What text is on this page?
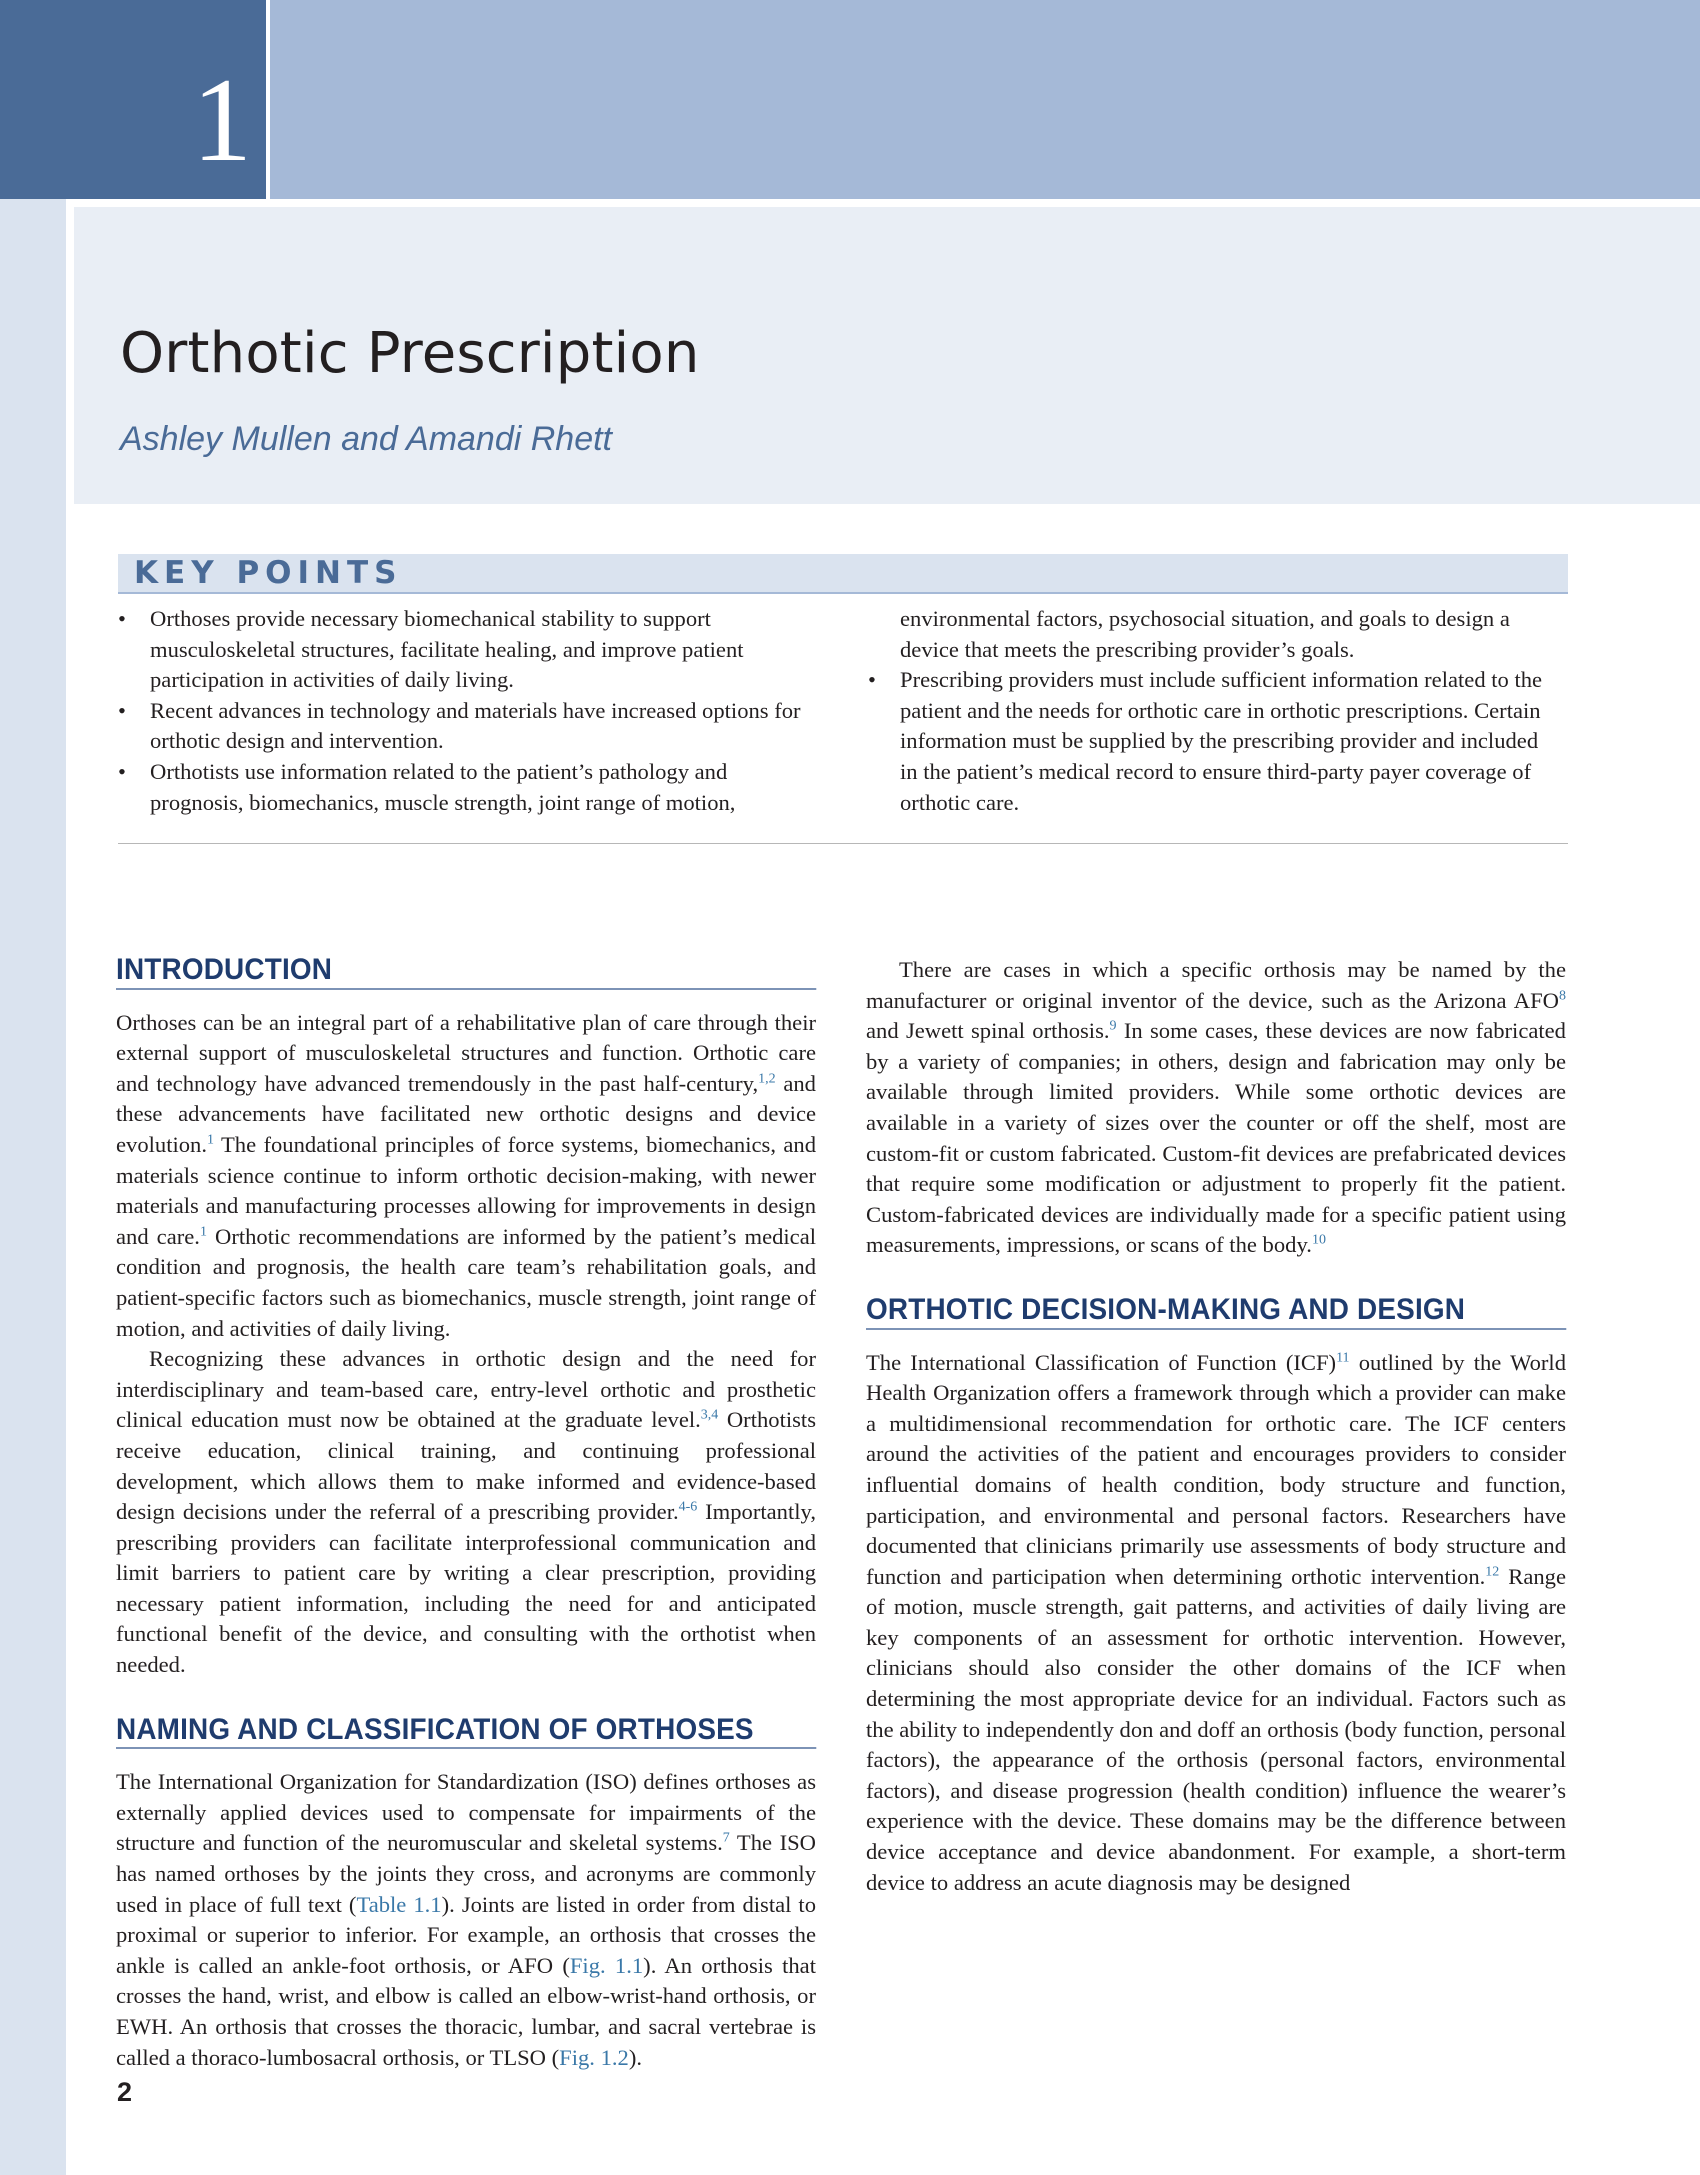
1
Orthotic Prescription

Ashley Mullen and Amandi Rhett

KEY POINTS
•	Orthoses provide necessary biomechanical stability to support musculoskeletal structures, facilitate healing, and improve patient participation in activities of daily living.
•	Recent advances in technology and materials have increased options for orthotic design and intervention.
•	Orthotists use information related to the patient’s pathology and prognosis, biomechanics, muscle strength, joint range of motion,
environmental factors, psychosocial situation, and goals to design a device that meets the prescribing provider’s goals.
•	Prescribing providers must include sufficient information related to the patient and the needs for orthotic care in orthotic prescriptions. Certain information must be supplied by the prescribing provider and included in the patient’s medical record to ensure third-party payer coverage of orthotic care.
INTRODUCTION

Orthoses can be an integral part of a rehabilitative plan of care through their external support of musculoskeletal structures and function. Orthotic care and technology have advanced tremendously in the past half-century,$^{1,2}$ and these advancements have facilitated new orthotic designs and device evolution.$^1$ The foundational principles of force systems, biomechanics, and materials science continue to inform orthotic decision-making, with newer materials and manufacturing processes allowing for improvements in design and care.$^1$ Orthotic recommendations are informed by the patient’s medical condition and prognosis, the health care team’s rehabilitation goals, and patient-specific factors such as biomechanics, muscle strength, joint range of motion, and activities of daily living.

Recognizing these advances in orthotic design and the need for interdisciplinary and team-based care, entry-level orthotic and prosthetic clinical education must now be obtained at the graduate level.$^{3,4}$ Orthotists receive education, clinical training, and continuing professional development, which allows them to make informed and evidence-based design decisions under the referral of a prescribing provider.$^{4-6}$ Importantly, prescribing providers can facilitate interprofessional communication and limit barriers to patient care by writing a clear prescription, providing necessary patient information, including the need for and anticipated functional benefit of the device, and consulting with the orthotist when needed.

NAMING AND CLASSIFICATION OF ORTHOSES

The International Organization for Standardization (ISO) defines orthoses as externally applied devices used to compensate for impairments of the structure and function of the neuromuscular and skeletal systems.$^7$ The ISO has named orthoses by the joints they cross, and acronyms are commonly used in place of full text (Table 1.1). Joints are listed in order from distal to proximal or superior to inferior. For example, an orthosis that crosses the ankle is called an ankle-foot orthosis, or AFO (Fig. 1.1). An orthosis that crosses the hand, wrist, and elbow is called an elbow-wrist-hand orthosis, or EWH. An orthosis that crosses the thoracic, lumbar, and sacral vertebrae is called a thoraco-lumbosacral orthosis, or TLSO (Fig. 1.2).

There are cases in which a specific orthosis may be named by the manufacturer or original inventor of the device, such as the Arizona AFO$^8$ and Jewett spinal orthosis.$^9$ In some cases, these devices are now fabricated by a variety of companies; in others, design and fabrication may only be available through limited providers. While some orthotic devices are available in a variety of sizes over the counter or off the shelf, most are custom-fit or custom fabricated. Custom-fit devices are prefabricated devices that require some modification or adjustment to properly fit the patient. Custom-fabricated devices are individually made for a specific patient using measurements, impressions, or scans of the body.$^{10}$

ORTHOTIC DECISION-MAKING AND DESIGN

The International Classification of Function (ICF)$^{11}$ outlined by the World Health Organization offers a framework through which a provider can make a multidimensional recommendation for orthotic care. The ICF centers around the activities of the patient and encourages providers to consider influential domains of health condition, body structure and function, participation, and environmental and personal factors. Researchers have documented that clinicians primarily use assessments of body structure and function and participation when determining orthotic intervention.$^{12}$ Range of motion, muscle strength, gait patterns, and activities of daily living are key components of an assessment for orthotic intervention. However, clinicians should also consider the other domains of the ICF when determining the most appropriate device for an individual. Factors such as the ability to independently don and doff an orthosis (body function, personal factors), the appearance of the orthosis (personal factors, environmental factors), and disease progression (health condition) influence the wearer’s experience with the device. These domains may be the difference between device acceptance and device abandonment. For example, a short-term device to address an acute diagnosis may be designed

2
